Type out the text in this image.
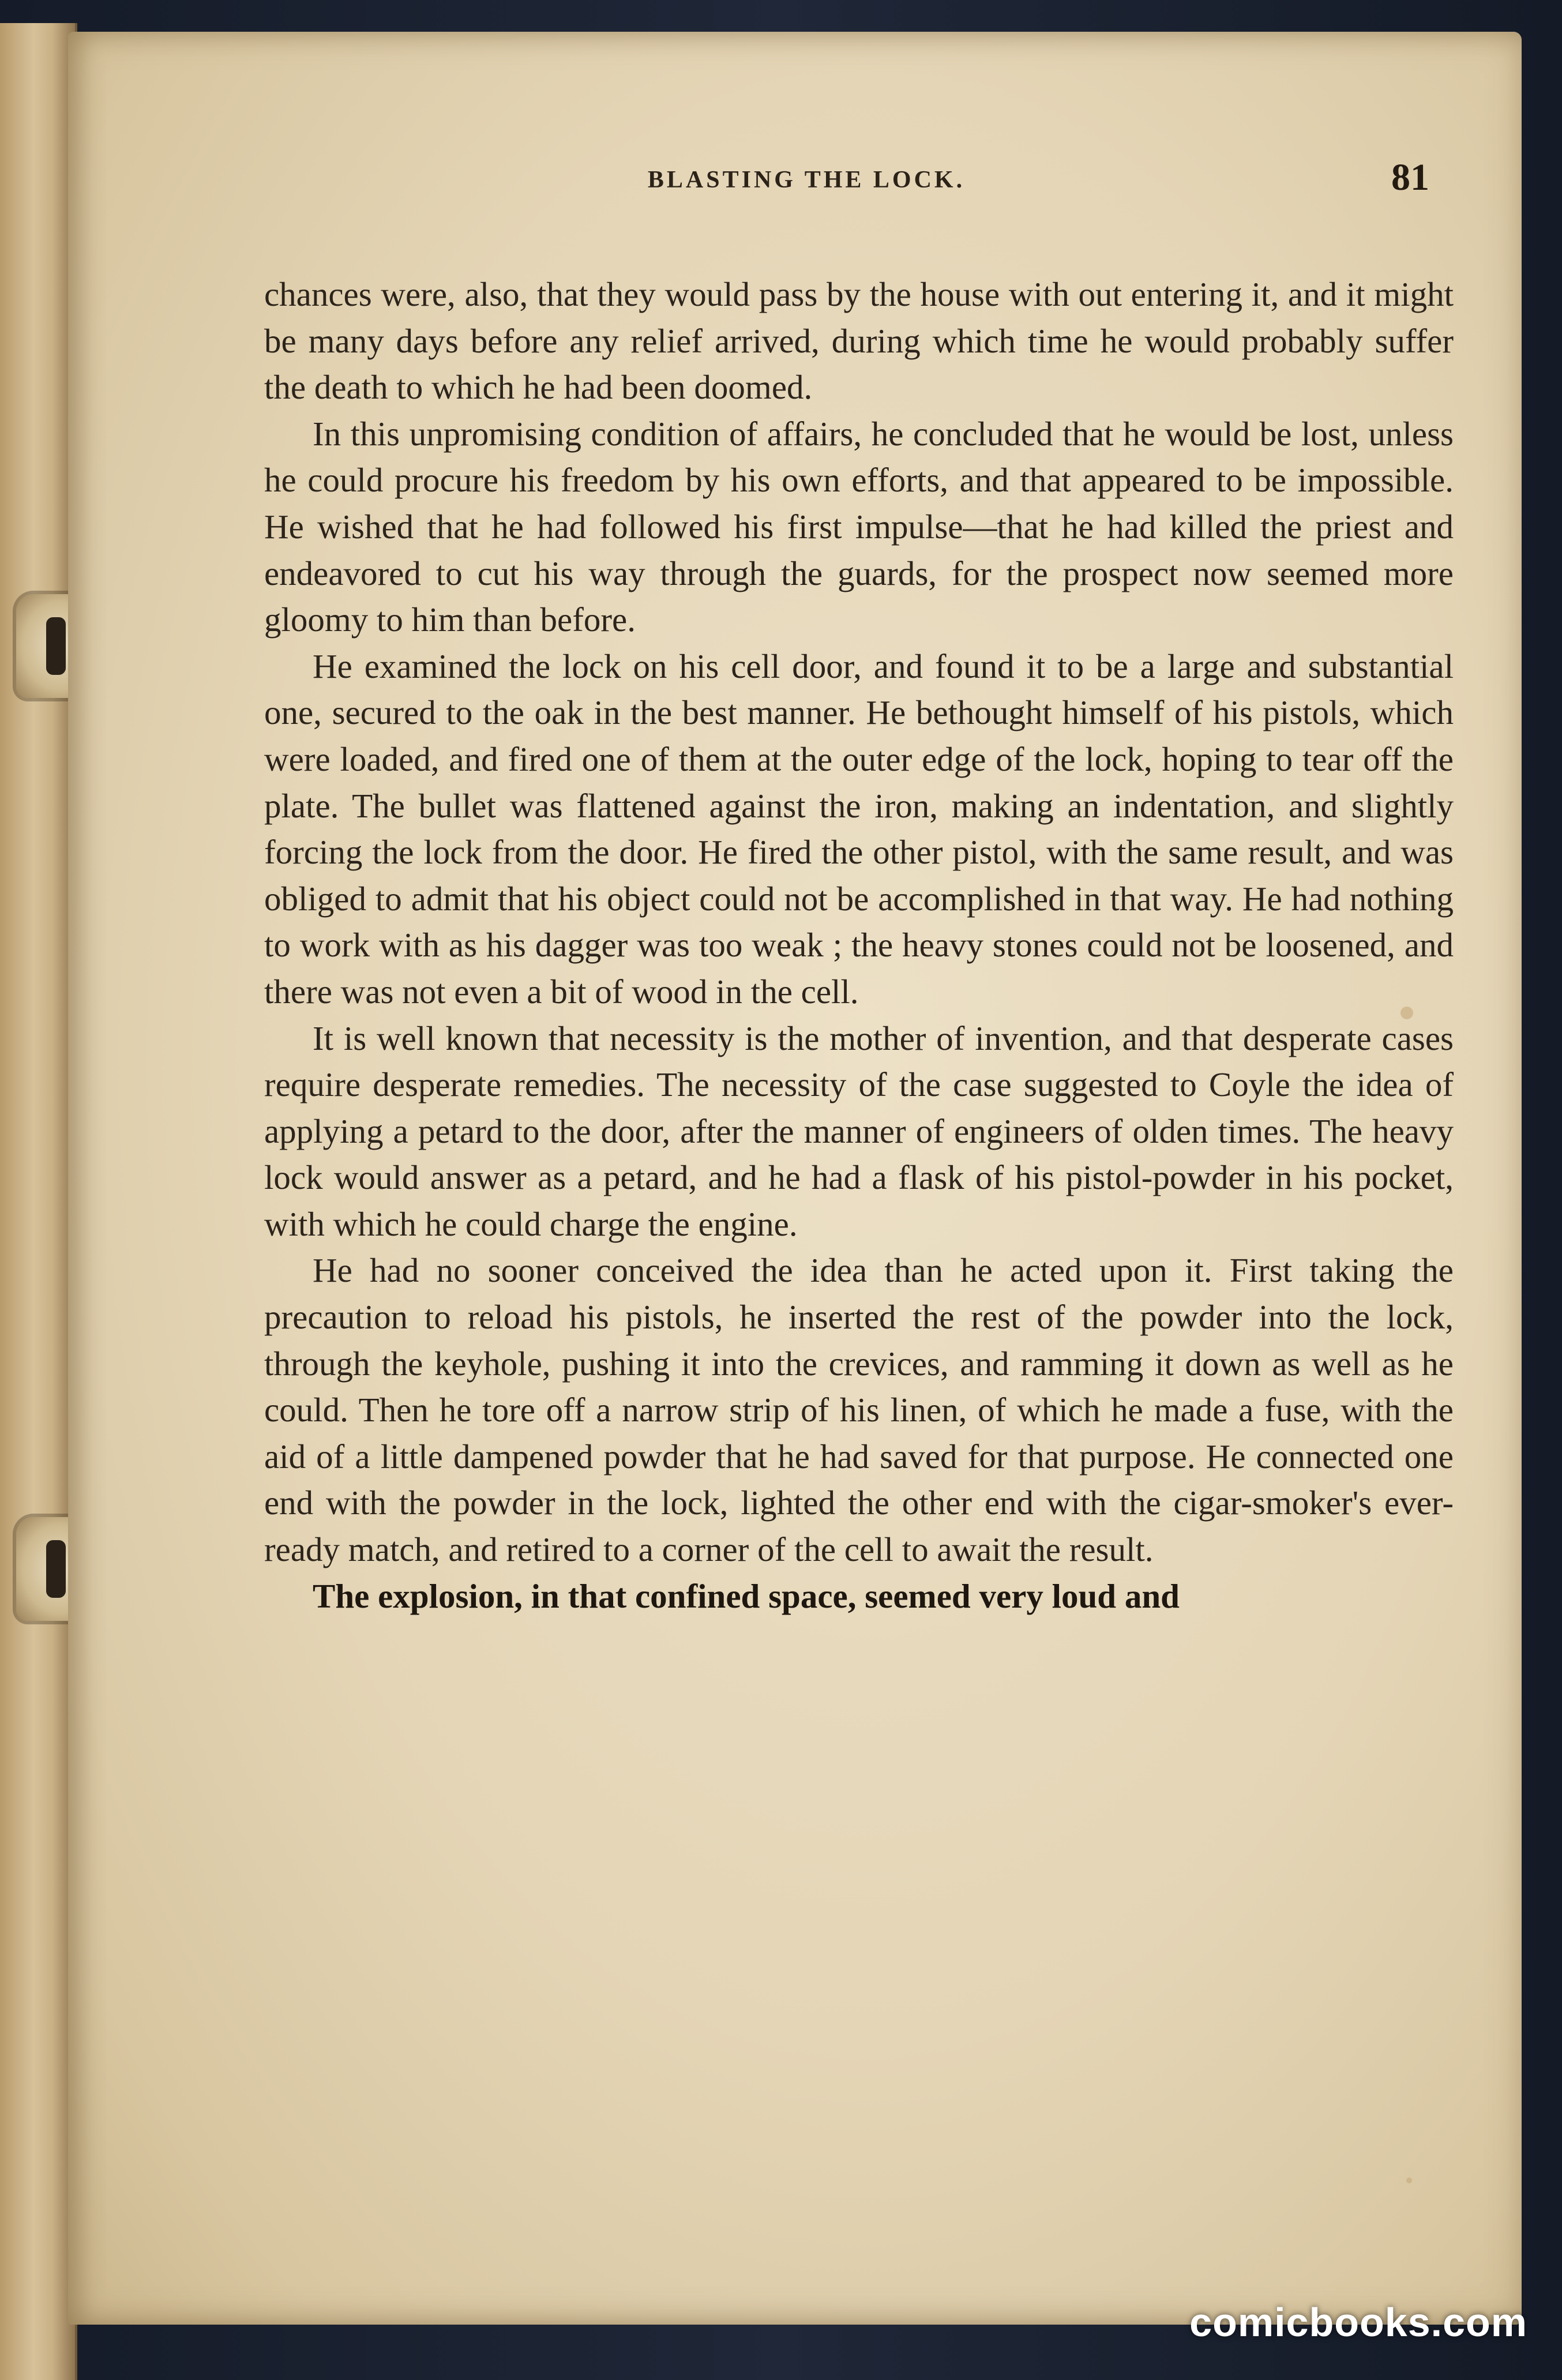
BLASTING THE LOCK.	81

chances were, also, that they would pass by the house with out entering it, and it might be many days before any relief arrived, during which time he would probably suffer the death to which he had been doomed.

In this unpromising condition of affairs, he concluded that he would be lost, unless he could procure his freedom by his own efforts, and that appeared to be impossible. He wished that he had followed his first impulse—that he had killed the priest and endeavored to cut his way through the guards, for the prospect now seemed more gloomy to him than before.

He examined the lock on his cell door, and found it to be a large and substantial one, secured to the oak in the best manner. He bethought himself of his pistols, which were loaded, and fired one of them at the outer edge of the lock, hoping to tear off the plate. The bullet was flattened against the iron, making an indentation, and slightly forcing the lock from the door. He fired the other pistol, with the same result, and was obliged to admit that his object could not be accomplished in that way. He had nothing to work with as his dagger was too weak ; the heavy stones could not be loosened, and there was not even a bit of wood in the cell.

It is well known that necessity is the mother of invention, and that desperate cases require desperate remedies. The necessity of the case suggested to Coyle the idea of applying a petard to the door, after the manner of engineers of olden times. The heavy lock would answer as a petard, and he had a flask of his pistol-powder in his pocket, with which he could charge the engine.

He had no sooner conceived the idea than he acted upon it. First taking the precaution to reload his pistols, he inserted the rest of the powder into the lock, through the keyhole, pushing it into the crevices, and ramming it down as well as he could. Then he tore off a narrow strip of his linen, of which he made a fuse, with the aid of a little dampened powder that he had saved for that purpose. He connected one end with the powder in the lock, lighted the other end with the cigar-smoker's ever-ready match, and retired to a corner of the cell to await the result.

The explosion, in that confined space, seemed very loud and

comicbooks.com
